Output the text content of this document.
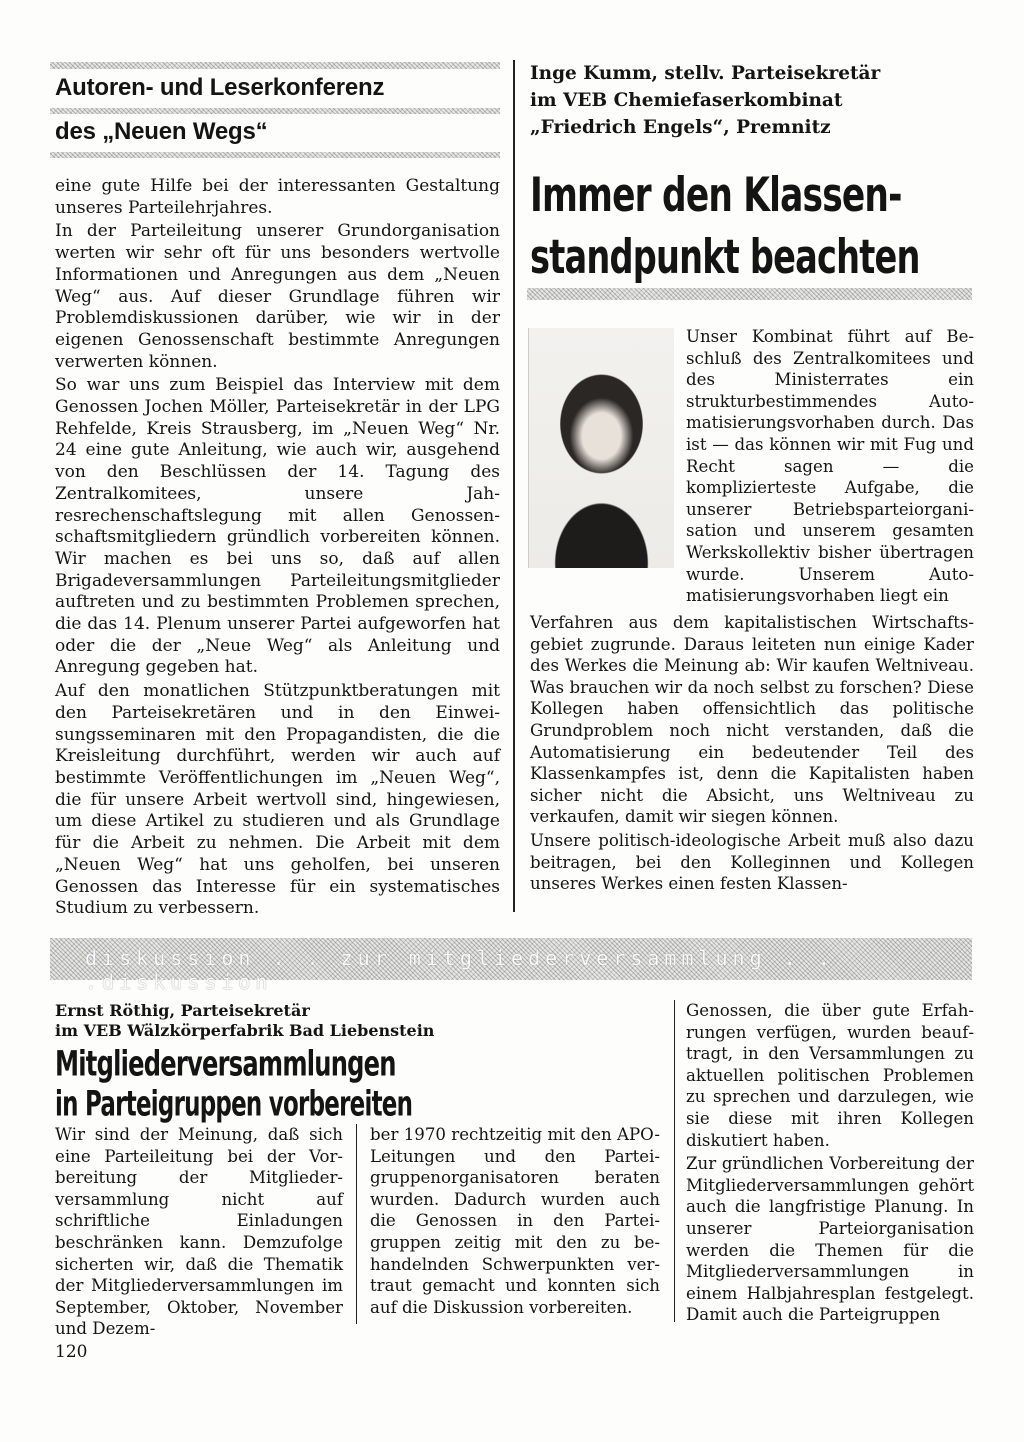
Autoren- und Leserkonferenz
des „Neuen Wegs“

eine gute Hilfe bei der interessanten Gestaltung unseres Parteilehrjahres.

In der Parteileitung unserer Grundorganisation werten wir sehr oft für uns besonders wertvolle Informationen und Anregungen aus dem „Neuen Weg“ aus. Auf dieser Grundlage führen wir Problemdiskussionen darüber, wie wir in der eigenen Genossenschaft bestimmte Anregungen verwerten können.

So war uns zum Beispiel das Interview mit dem Genossen Jochen Möller, Parteisekretär in der LPG Rehfelde, Kreis Strausberg, im „Neuen Weg“ Nr. 24 eine gute Anleitung, wie auch wir, ausgehend von den Beschlüssen der 14. Tagung des Zentralkomitees, unsere Jahresrechenschaftslegung mit allen Genossenschaftsmitgliedern gründlich vorbereiten können. Wir machen es bei uns so, daß auf allen Brigadeversammlungen Parteileitungsmitglieder auftreten und zu bestimmten Problemen sprechen, die das 14. Plenum unserer Partei aufgeworfen hat oder die der „Neue Weg“ als Anleitung und Anregung gegeben hat.

Auf den monatlichen Stützpunktberatungen mit den Parteisekretären und in den Einweisungsseminaren mit den Propagandisten, die die Kreisleitung durchführt, werden wir auch auf bestimmte Veröffentlichungen im „Neuen Weg“, die für unsere Arbeit wertvoll sind, hingewiesen, um diese Artikel zu studieren und als Grundlage für die Arbeit zu nehmen. Die Arbeit mit dem „Neuen Weg“ hat uns geholfen, bei unseren Genossen das Interesse für ein systematisches Studium zu verbessern.

Inge Kumm, stellv. Parteisekretär
im VEB Chemiefaserkombinat
„Friedrich Engels“, Premnitz
Immer den Klassen-
standpunkt beachten

Unser Kombinat führt auf Beschluß des Zentralkomitees und des Ministerrates ein strukturbestimmendes Automatisierungsvorhaben durch. Das ist — das können wir mit Fug und Recht sagen — die komplizierteste Aufgabe, die unserer Betriebsparteiorganisation und unserem gesamten Werkskollektiv bisher übertragen wurde. Unserem Automatisierungsvorhaben liegt ein

Verfahren aus dem kapitalistischen Wirtschaftsgebiet zugrunde. Daraus leiteten nun einige Kader des Werkes die Meinung ab: Wir kaufen Weltniveau. Was brauchen wir da noch selbst zu forschen? Diese Kollegen haben offensichtlich das politische Grundproblem noch nicht verstanden, daß die Automatisierung ein bedeutender Teil des Klassenkampfes ist, denn die Kapitalisten haben sicher nicht die Absicht, uns Weltniveau zu verkaufen, damit wir siegen können.

Unsere politisch-ideologische Arbeit muß also dazu beitragen, bei den Kolleginnen und Kollegen unseres Werkes einen festen Klassen-

diskussion . . zur mitgliederversammlung . . .diskussion
Ernst Röthig, Parteisekretär
im VEB Wälzkörperfabrik Bad Liebenstein
Mitgliederversammlungen
in Parteigruppen vorbereiten

Wir sind der Meinung, daß sich eine Parteileitung bei der Vorbereitung der Mitgliederversammlung nicht auf schriftliche Einladungen beschränken kann. Demzufolge sicherten wir, daß die Thematik der Mitgliederversammlungen im September, Oktober, November und Dezem-

ber 1970 rechtzeitig mit den APO-Leitungen und den Parteigruppenorganisatoren beraten wurden. Dadurch wurden auch die Genossen in den Parteigruppen zeitig mit den zu behandelnden Schwerpunkten vertraut gemacht und konnten sich auf die Diskussion vorbereiten.

Genossen, die über gute Erfahrungen verfügen, wurden beauftragt, in den Versammlungen zu aktuellen politischen Problemen zu sprechen und darzulegen, wie sie diese mit ihren Kollegen diskutiert haben.

Zur gründlichen Vorbereitung der Mitgliederversammlungen gehört auch die langfristige Planung. In unserer Parteiorganisation werden die Themen für die Mitgliederversammlungen in einem Halbjahresplan festgelegt. Damit auch die Parteigruppen

120
